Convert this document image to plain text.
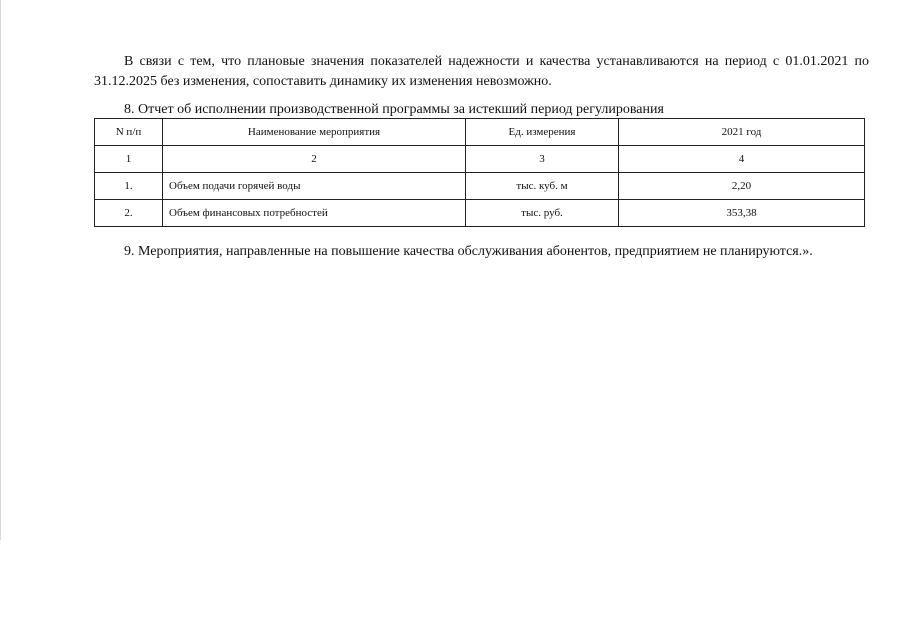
В связи с тем, что плановые значения показателей надежности и качества устанавливаются на период с 01.01.2021 по 31.12.2025 без изменения, сопоставить динамику их изменения невозможно.

8. Отчет об исполнении производственной программы за истекший период регулирования

N п/п	Наименование мероприятия	Ед. измерения	2021 год
1	2	3	4
1.	Объем подачи горячей воды	тыс. куб. м	2,20
2.	Объем финансовых потребностей	тыс. руб.	353,38

9. Мероприятия, направленные на повышение качества обслуживания абонентов, предприятием не планируются.».
